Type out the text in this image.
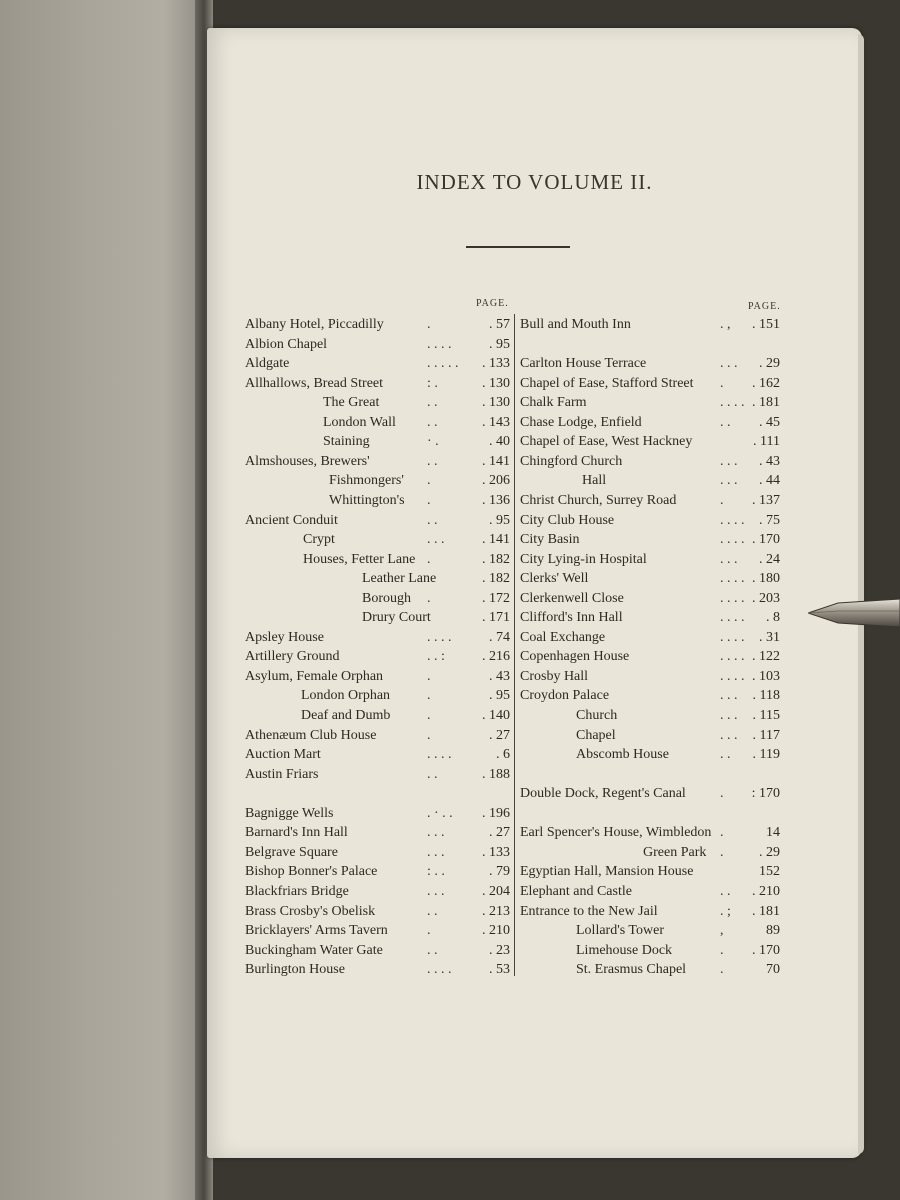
INDEX TO VOLUME II.
PAGE.	PAGE.
Albany Hotel, Piccadilly	.	. 57
Albion Chapel	. . . .	. 95
Aldgate	. . . . . . 133
Allhallows, Bread Street	: .	. 130
The Great	. .	. 130
London Wall . .	. 143
Staining	· .	. 40
Almshouses, Brewers'	. .	. 141
Fishmongers' .	. 206
Whittington's .	. 136
Ancient Conduit	. .	. 95
Crypt	. . .	. 141
Houses, Fetter Lane .	. 182
Leather Lane	. 182
Borough .	. 172
Drury Court	. 171
Apsley House	. . . .	. 74
Artillery Ground	. . :	. 216
Asylum, Female Orphan	.	. 43
London Orphan	.	. 95
Deaf and Dumb	.	. 140
Athenæum Club House	.	. 27
Auction Mart	. . . .	. 6
Austin Friars	. .	. 188
Bagnigge Wells	. · . . . 196
Barnard's Inn Hall	. . .	. 27
Belgrave Square	. . .	. 133
Bishop Bonner's Palace	: . .	. 79
Blackfriars Bridge	. . .	. 204
Brass Crosby's Obelisk	. .	. 213
Bricklayers' Arms Tavern	.	. 210
Buckingham Water Gate	. .	. 23
Burlington House	. . . .	. 53
Bull and Mouth Inn	. , . 151
Carlton House Terrace	. . . . 29
Chapel of Ease, Stafford Street . . 162
Chalk Farm	. . . . . 181
Chase Lodge, Enfield	. . . 45
Chapel of Ease, West Hackney	. 111
Chingford Church	. . . . 43
Hall	. . . . 44
Christ Church, Surrey Road	. . 137
City Club House	. . . . . 75
City Basin	. . . . . 170
City Lying-in Hospital	. . . . 24
Clerks' Well	. . . . . 180
Clerkenwell Close	. . . . . 203
Clifford's Inn Hall	. . . . . 8
Coal Exchange	. . . . . 31
Copenhagen House	. . . . . 122
Crosby Hall	. . . . . 103
Croydon Palace	. . . . 118
Church	. . . . 115
Chapel	. . . . 117
Abscomb House	. . . 119
Double Dock, Regent's Canal . : 170
Earl Spencer's House, Wimbledon .	14
Green Park .	. 29
Egyptian Hall, Mansion House	152
Elephant and Castle	. . . 210
Entrance to the New Jail	. ; . 181
Lollard's Tower	,	89
Limehouse Dock	. . 170
St. Erasmus Chapel .	70
